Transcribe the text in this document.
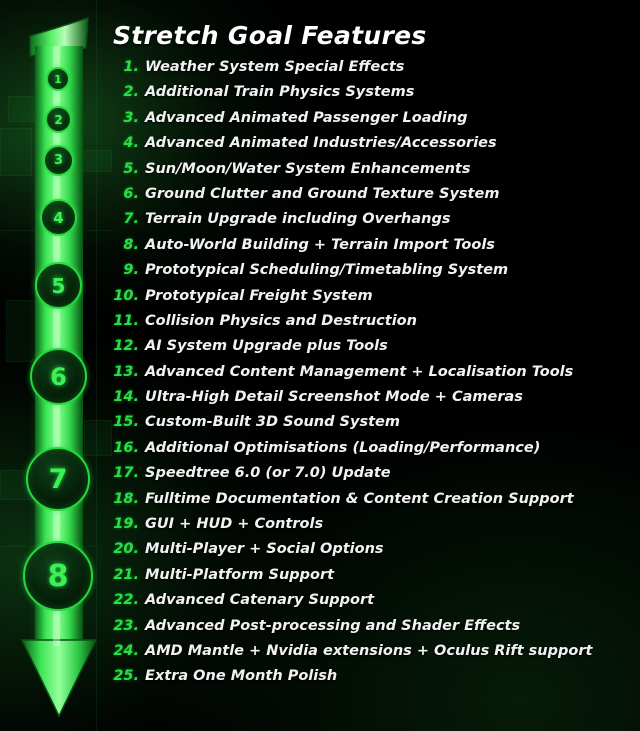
1
2
3
4
5
6
7
8
Stretch Goal Features
1. Weather System Special Effects
2. Additional Train Physics Systems
3. Advanced Animated Passenger Loading
4. Advanced Animated Industries/Accessories
5. Sun/Moon/Water System Enhancements
6. Ground Clutter and Ground Texture System
7. Terrain Upgrade including Overhangs
8. Auto-World Building + Terrain Import Tools
9. Prototypical Scheduling/Timetabling System
10. Prototypical Freight System
11. Collision Physics and Destruction
12. AI System Upgrade plus Tools
13. Advanced Content Management + Localisation Tools
14. Ultra-High Detail Screenshot Mode + Cameras
15. Custom-Built 3D Sound System
16. Additional Optimisations (Loading/Performance)
17. Speedtree 6.0 (or 7.0) Update
18. Fulltime Documentation & Content Creation Support
19. GUI + HUD + Controls
20. Multi-Player + Social Options
21. Multi-Platform Support
22. Advanced Catenary Support
23. Advanced Post-processing and Shader Effects
24. AMD Mantle + Nvidia extensions + Oculus Rift support
25. Extra One Month Polish
